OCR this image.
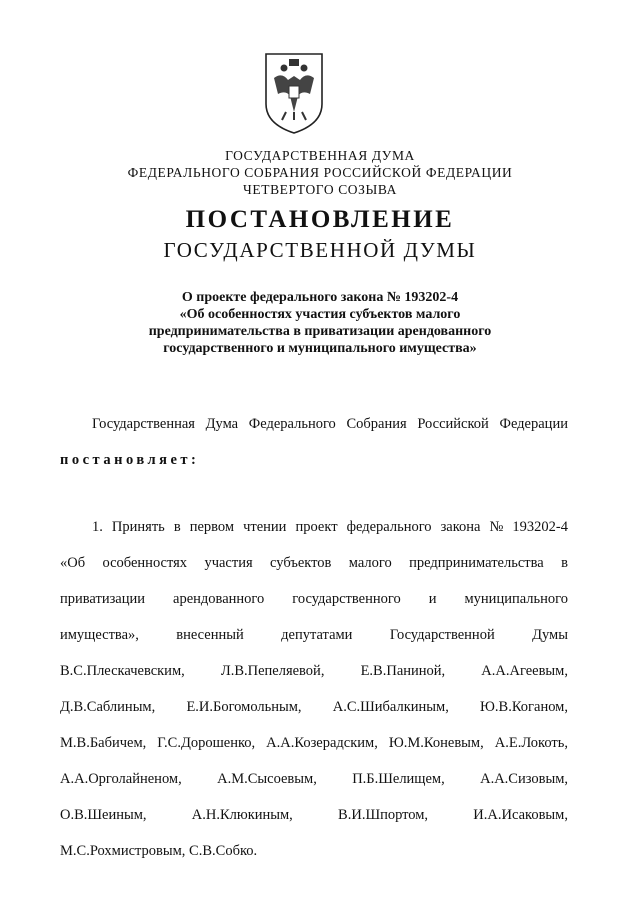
ГОСУДАРСТВЕННАЯ ДУМА
ФЕДЕРАЛЬНОГО СОБРАНИЯ РОССИЙСКОЙ ФЕДЕРАЦИИ
ЧЕТВЕРТОГО СОЗЫВА
ПОСТАНОВЛЕНИЕ
ГОСУДАРСТВЕННОЙ ДУМЫ
О проекте федерального закона № 193202-4
«Об особенностях участия субъектов малого
предпринимательства в приватизации арендованного
государственного и муниципального имущества»
Государственная Дума Федерального Собрания Российской Федерации
постановляет:
1. Принять в первом чтении проект федерального закона № 193202-4
«Об особенностях участия субъектов малого предпринимательства в
приватизации арендованного государственного и муниципального
имущества»,	внесенный	депутатами	Государственной	Думы
В.С.Плескачевским, Л.В.Пепеляевой, Е.В.Паниной, А.А.Агеевым,
Д.В.Саблиным, Е.И.Богомольным, А.С.Шибалкиным, Ю.В.Коганом,
М.В.Бабичем, Г.С.Дорошенко, А.А.Козерадским, Ю.М.Коневым, А.Е.Локоть,
А.А.Орголайненом, А.М.Сысоевым, П.Б.Шелищем, А.А.Сизовым,
О.В.Шеиным,	А.Н.Клюкиным,	В.И.Шпортом,	И.А.Исаковым,
М.С.Рохмистровым, С.В.Собко.
